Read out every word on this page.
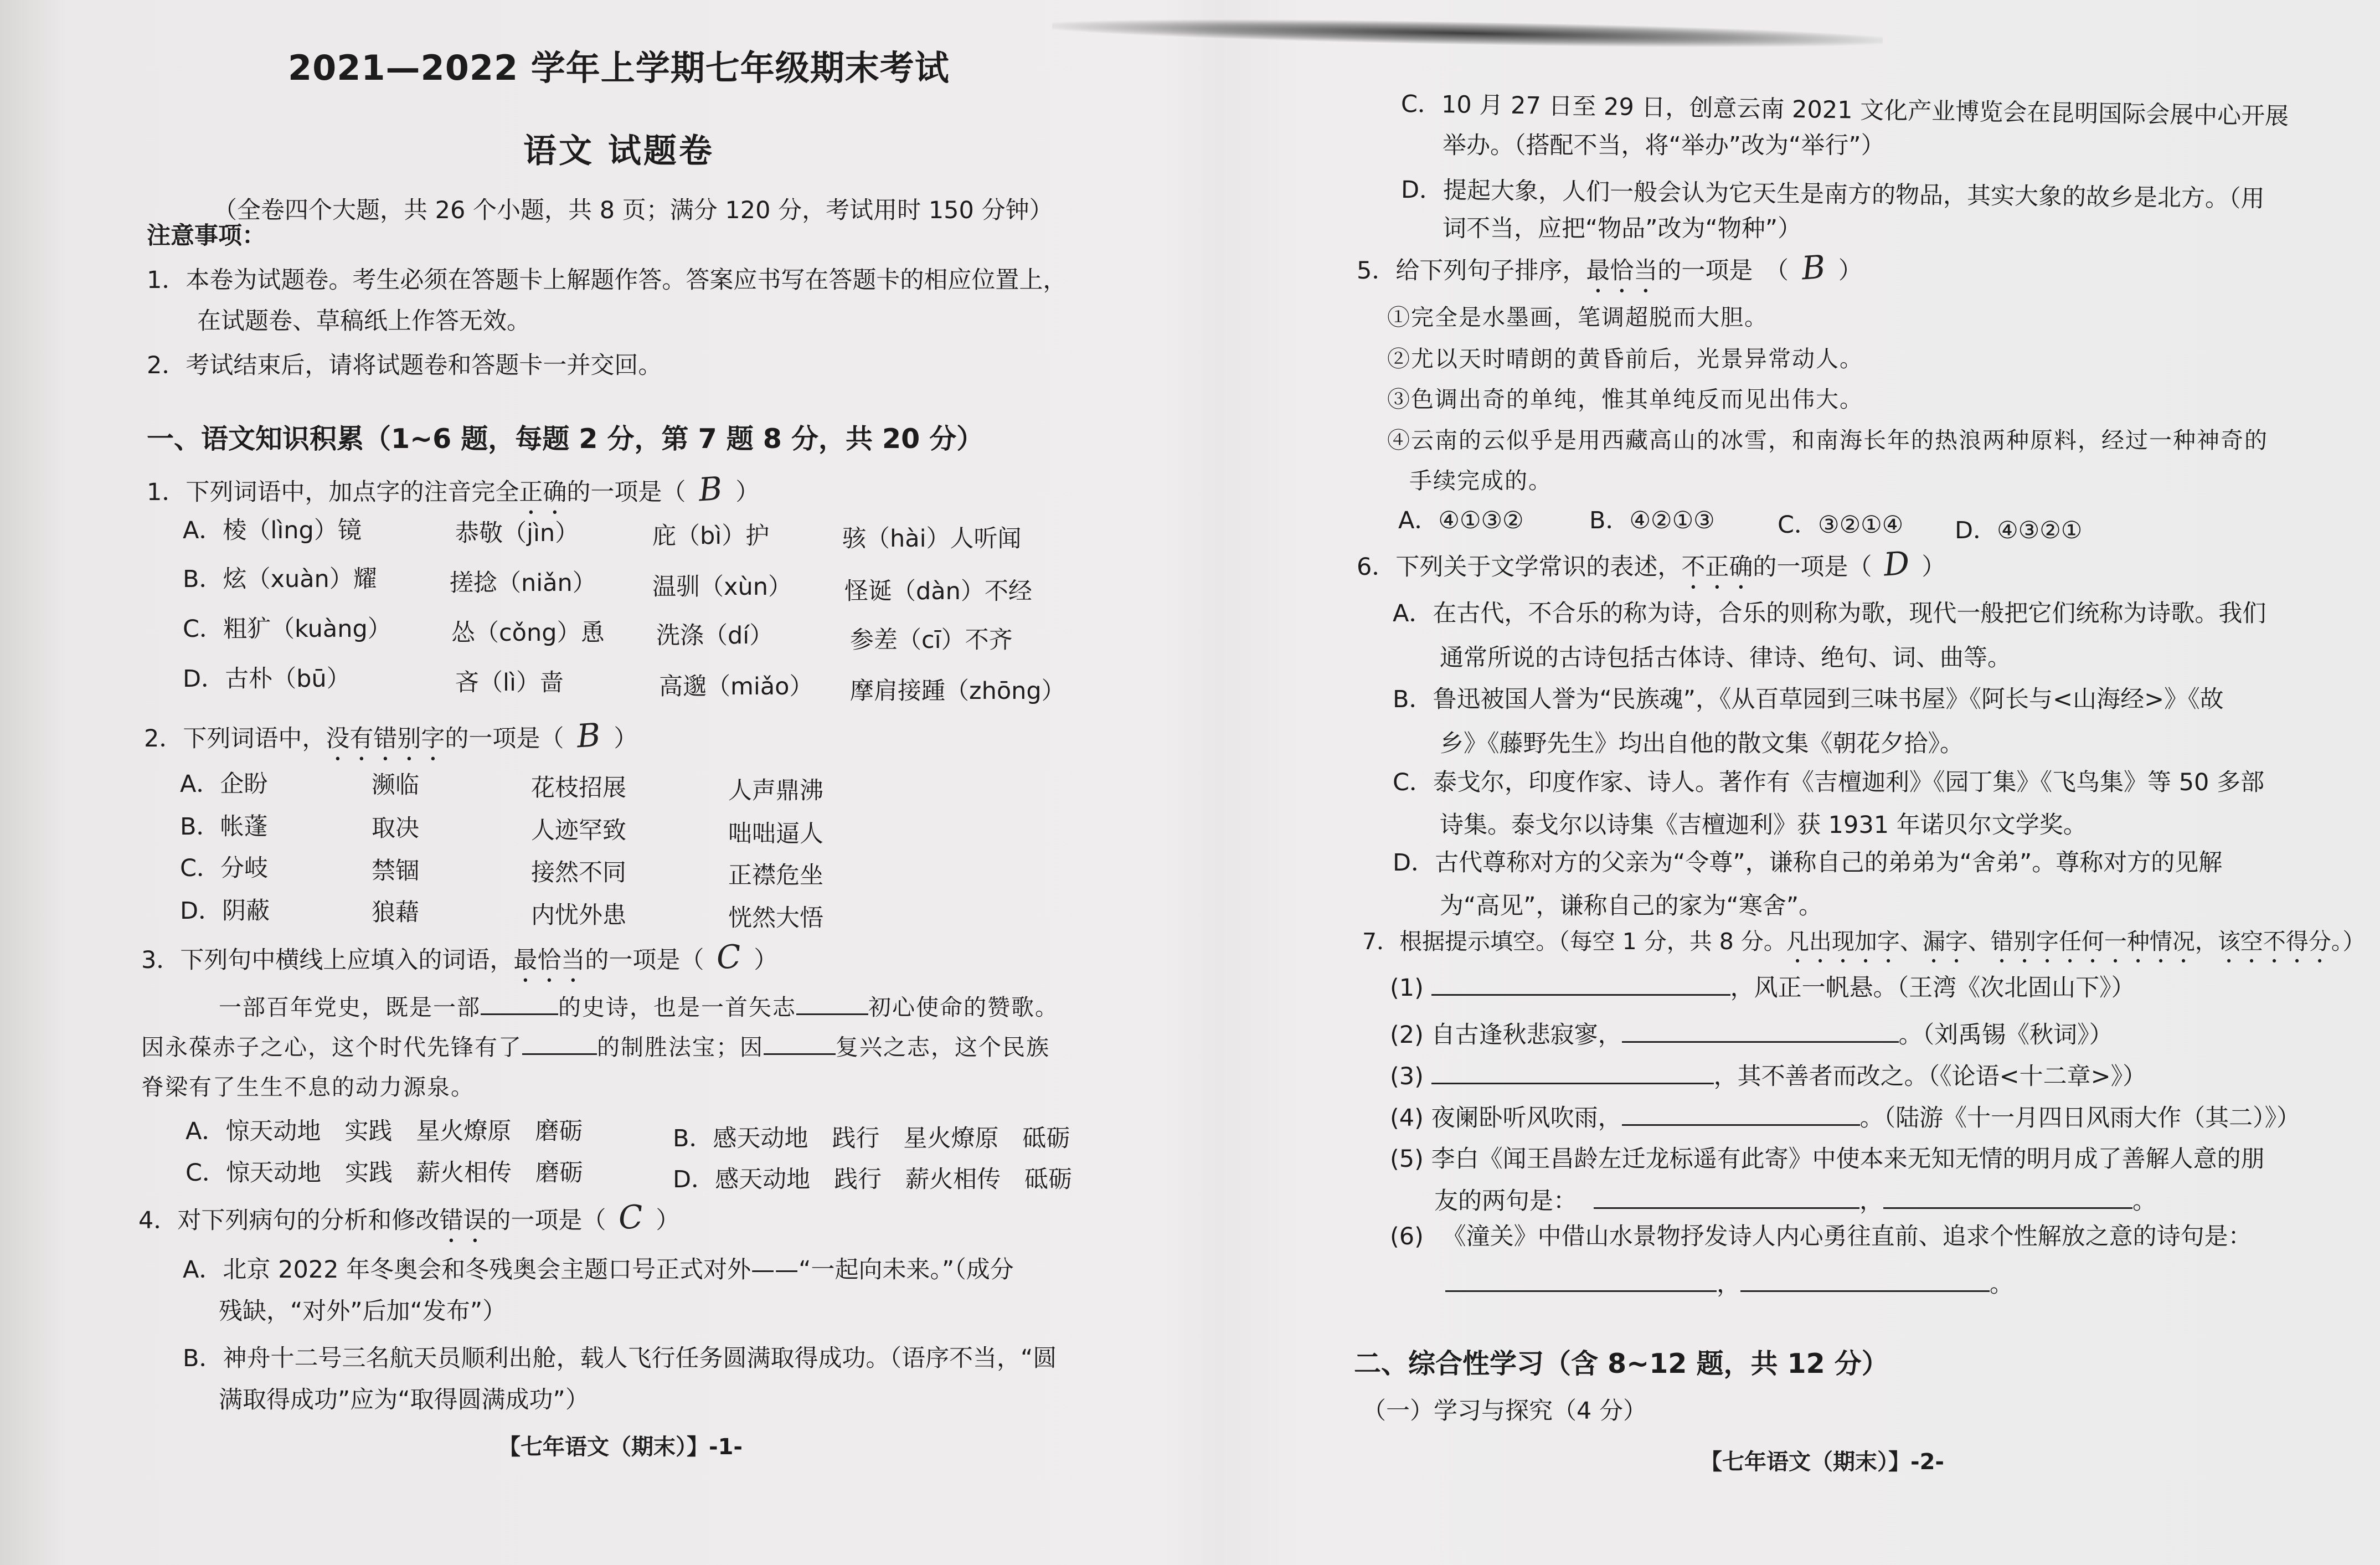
2021—2022 学年上学期七年级期末考试
语文 试题卷
（全卷四个大题，共 26 个小题，共 8 页；满分 120 分，考试用时 150 分钟）
注意事项：
1．本卷为试题卷。考生必须在答题卡上解题作答。答案应书写在答题卡的相应位置上，
在试题卷、草稿纸上作答无效。
2．考试结束后，请将试题卷和答题卡一并交回。
一、语文知识积累（1~6 题，每题 2 分，第 7 题 8 分，共 20 分）
1．下列词语中，加点字的注音完全正确的一项是（ B ）
A．棱（lìng）镜	恭敬（jìn）	庇（bì）护	骇（hài）人听闻
B．炫（xuàn）耀	搓捻（niǎn） 温驯（xùn） 怪诞（dàn）不经
C．粗犷（kuàng）	怂（cǒng）恿 洗涤（dí）	参差（cī）不齐
D．古朴（bū）	吝（lì）啬	高邈（miǎo） 摩肩接踵（zhōng）
2．下列词语中，没有错别字的一项是（ B ）
A．企盼	濒临	花枝招展	人声鼎沸
B．帐蓬	取决	人迹罕致	咄咄逼人
C．分岐	禁锢	接然不同	正襟危坐
D．阴蔽	狼藉	内忧外患	恍然大悟
3．下列句中横线上应填入的词语，最恰当的一项是（ C ）
一部百年党史，既是一部	的史诗，也是一首矢志	初心使命的赞歌。
因永葆赤子之心，这个时代先锋有了	的制胜法宝；因	复兴之志，这个民族
脊梁有了生生不息的动力源泉。
A．惊天动地　实践　星火燎原　磨砺	B．感天动地　践行　星火燎原　砥砺
C．惊天动地　实践　薪火相传　磨砺	D．感天动地　践行　薪火相传　砥砺
4．对下列病句的分析和修改错误的一项是（ C ）
A．北京 2022 年冬奥会和冬残奥会主题口号正式对外——“一起向未来。”（成分
残缺，“对外”后加“发布”）
B．神舟十二号三名航天员顺利出舱，载人飞行任务圆满取得成功。（语序不当，“圆
满取得成功”应为“取得圆满成功”）
【七年语文（期末）】-1-
C．10 月 27 日至 29 日，创意云南 2021 文化产业博览会在昆明国际会展中心开展
举办。（搭配不当，将“举办”改为“举行”）
D．提起大象，人们一般会认为它天生是南方的物品，其实大象的故乡是北方。（用
词不当，应把“物品”改为“物种”）
5．给下列句子排序，最恰当的一项是　（ B ）
①完全是水墨画，笔调超脱而大胆。
②尤以天时晴朗的黄昏前后，光景异常动人。
③色调出奇的单纯，惟其单纯反而见出伟大。
④云南的云似乎是用西藏高山的冰雪，和南海长年的热浪两种原料，经过一种神奇的
手续完成的。
A．④①③②	B．④②①③	C．③②①④ D．④③②①
6．下列关于文学常识的表述，不正确的一项是（ D ）
A．在古代，不合乐的称为诗，合乐的则称为歌，现代一般把它们统称为诗歌。我们
通常所说的古诗包括古体诗、律诗、绝句、词、曲等。
B．鲁迅被国人誉为“民族魂”，《从百草园到三味书屋》《阿长与<山海经>》《故
乡》《藤野先生》均出自他的散文集《朝花夕拾》。
C．泰戈尔，印度作家、诗人。著作有《吉檀迦利》《园丁集》《飞鸟集》等 50 多部
诗集。泰戈尔以诗集《吉檀迦利》获 1931 年诺贝尔文学奖。
D．古代尊称对方的父亲为“令尊”，谦称自己的弟弟为“舍弟”。尊称对方的见解
为“高见”，谦称自己的家为“寒舍”。
7．根据提示填空。（每空 1 分，共 8 分。凡出现加字、漏字、错别字任何一种情况，该空不得分。）
(1)	，风正一帆悬。（王湾《次北固山下》）
(2) 自古逢秋悲寂寥，	。（刘禹锡《秋词》）
(3)	，其不善者而改之。（《论语<十二章>》）
(4) 夜阑卧听风吹雨，	。（陆游《十一月四日风雨大作（其二）》）
(5) 李白《闻王昌龄左迁龙标遥有此寄》中使本来无知无情的明月成了善解人意的朋
友的两句是：	，	。
(6) 《潼关》中借山水景物抒发诗人内心勇往直前、追求个性解放之意的诗句是：
，	。
二、综合性学习（含 8~12 题，共 12 分）
（一）学习与探究（4 分）
【七年语文（期末）】-2-
